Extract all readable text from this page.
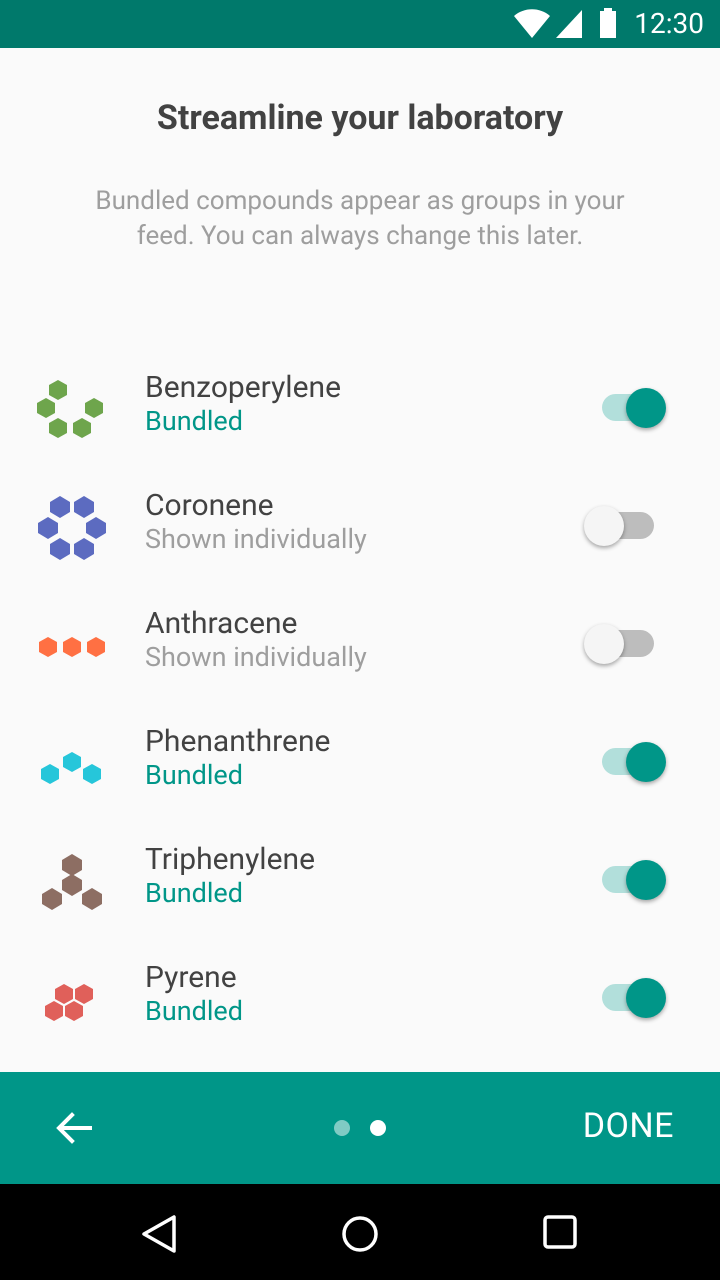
12:30
Streamline your laboratory
Bundled compounds appear as groups in your feed. You can always change this later.
Benzoperylene
Bundled
Coronene
Shown individually
Anthracene
Shown individually
Phenanthrene
Bundled
Triphenylene
Bundled
Pyrene
Bundled
DONE
